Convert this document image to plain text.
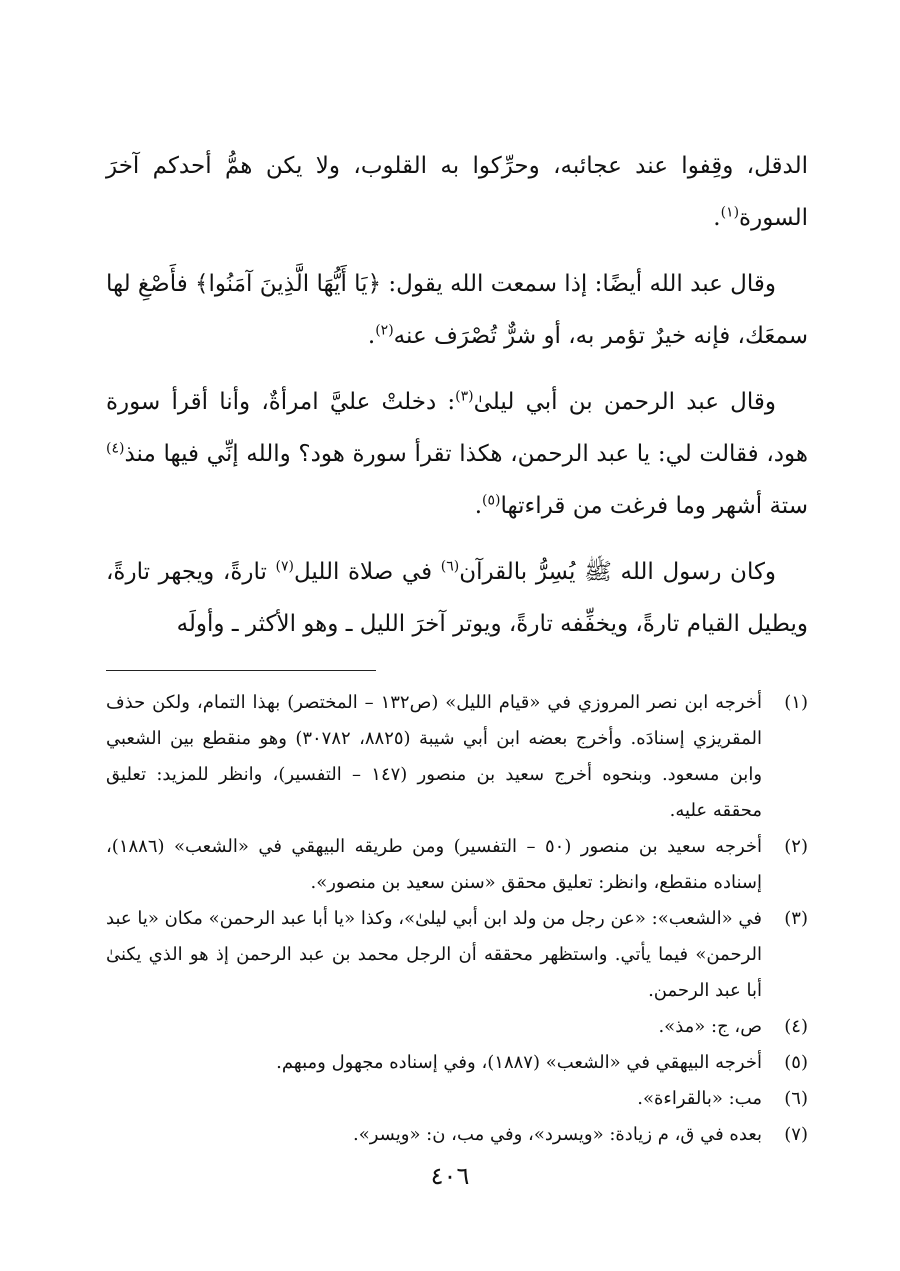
الدقل، وقِفوا عند عجائبه، وحرِّكوا به القلوب، ولا يكن همُّ أحدكم آخرَ السورة$^{(١)}$.

وقال عبد الله أيضًا: إذا سمعت الله يقول: ﴿يَا أَيُّهَا الَّذِينَ آمَنُوا﴾ فأَصْغِ لها سمعَك، فإنه خيرٌ تؤمر به، أو شرٌّ تُصْرَف عنه$^{(٢)}$.

وقال عبد الرحمن بن أبي ليلىٰ$^{(٣)}$: دخلتْ عليَّ امرأةٌ، وأنا أقرأ سورة هود، فقالت لي: يا عبد الرحمن، هكذا تقرأ سورة هود؟ والله إنِّي فيها منذ$^{(٤)}$ ستة أشهر وما فرغت من قراءتها$^{(٥)}$.

وكان رسول الله ﷺ يُسِرُّ بالقرآن$^{(٦)}$ في صلاة الليل$^{(٧)}$ تارةً، ويجهر تارةً، ويطيل القيام تارةً، ويخفِّفه تارةً، ويوتر آخرَ الليل ـ وهو الأكثر ـ وأولَه

(١)
أخرجه ابن نصر المروزي في «قيام الليل» (ص١٣٢ – المختصر) بهذا التمام، ولكن حذف المقريزي إسنادَه. وأخرج بعضه ابن أبي شيبة (٨٨٢٥، ٣٠٧٨٢) وهو منقطع بين الشعبي وابن مسعود. وبنحوه أخرج سعيد بن منصور (١٤٧ – التفسير)، وانظر للمزيد: تعليق محققه عليه.
(٢)
أخرجه سعيد بن منصور (٥٠ – التفسير) ومن طريقه البيهقي في «الشعب» (١٨٨٦)، إسناده منقطع، وانظر: تعليق محقق «سنن سعيد بن منصور».
(٣)
في «الشعب»: «عن رجل من ولد ابن أبي ليلىٰ»، وكذا «يا أبا عبد الرحمن» مكان «يا عبد الرحمن» فيما يأتي. واستظهر محققه أن الرجل محمد بن عبد الرحمن إذ هو الذي يكنىٰ أبا عبد الرحمن.
(٤)
ص، ج: «مذ».
(٥)
أخرجه البيهقي في «الشعب» (١٨٨٧)، وفي إسناده مجهول ومبهم.
(٦)
مب: «بالقراءة».
(٧)
بعده في ق، م زيادة: «ويسرد»، وفي مب، ن: «ويسر».
٤٠٦
